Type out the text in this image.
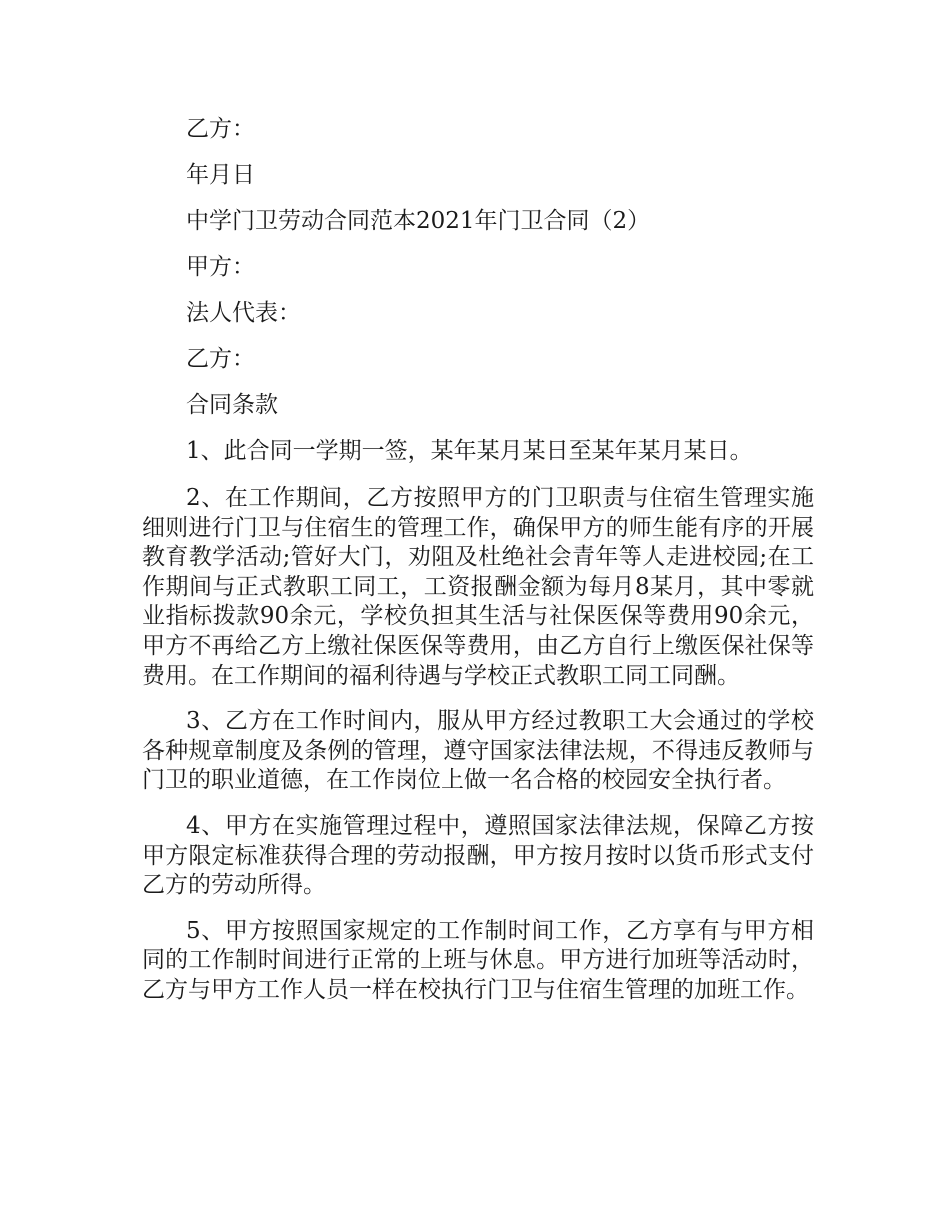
乙方：

年月日

中学门卫劳动合同范本2021年门卫合同（2）

甲方：

法人代表：

乙方：

合同条款

1、此合同一学期一签，某年某月某日至某年某月某日。

2、在工作期间，乙方按照甲方的门卫职责与住宿生管理实施细则进行门卫与住宿生的管理工作，确保甲方的师生能有序的开展教育教学活动;管好大门，劝阻及杜绝社会青年等人走进校园;在工作期间与正式教职工同工，工资报酬金额为每月8某月，其中零就业指标拨款90余元，学校负担其生活与社保医保等费用90余元，甲方不再给乙方上缴社保医保等费用，由乙方自行上缴医保社保等费用。在工作期间的福利待遇与学校正式教职工同工同酬。

3、乙方在工作时间内，服从甲方经过教职工大会通过的学校各种规章制度及条例的管理，遵守国家法律法规，不得违反教师与门卫的职业道德，在工作岗位上做一名合格的校园安全执行者。

4、甲方在实施管理过程中，遵照国家法律法规，保障乙方按甲方限定标准获得合理的劳动报酬，甲方按月按时以货币形式支付乙方的劳动所得。

5、甲方按照国家规定的工作制时间工作，乙方享有与甲方相同的工作制时间进行正常的上班与休息。甲方进行加班等活动时，乙方与甲方工作人员一样在校执行门卫与住宿生管理的加班工作。
